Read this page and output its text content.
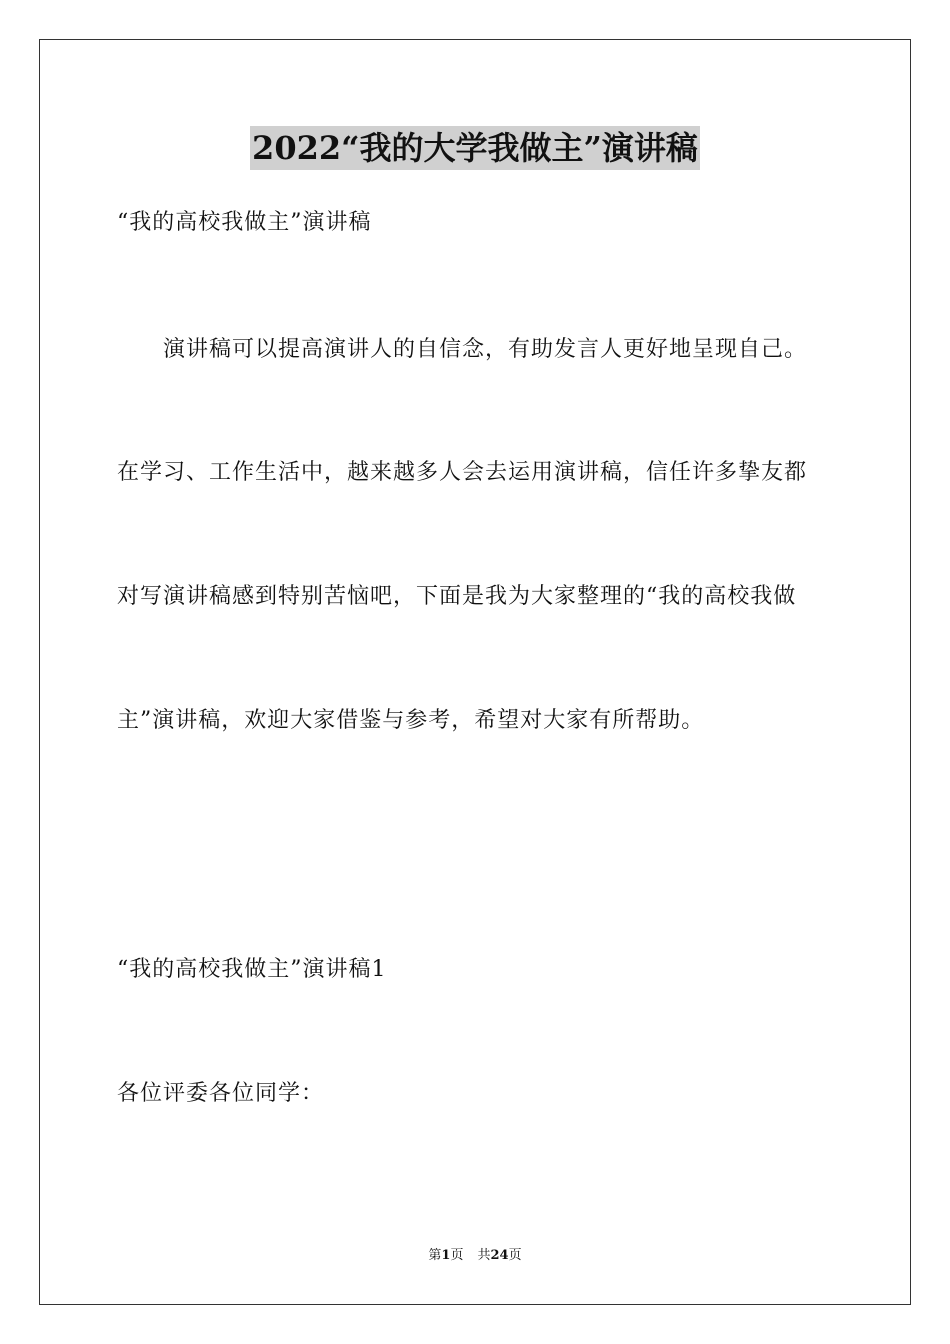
2022“我的大学我做主”演讲稿

“我的高校我做主”演讲稿

演讲稿可以提高演讲人的自信念，有助发言人更好地呈现自己。

在学习、工作生活中，越来越多人会去运用演讲稿，信任许多挚友都

对写演讲稿感到特别苦恼吧，下面是我为大家整理的“我的高校我做

主”演讲稿，欢迎大家借鉴与参考，希望对大家有所帮助。

“我的高校我做主”演讲稿1

各位评委各位同学：

第1页 共24页
